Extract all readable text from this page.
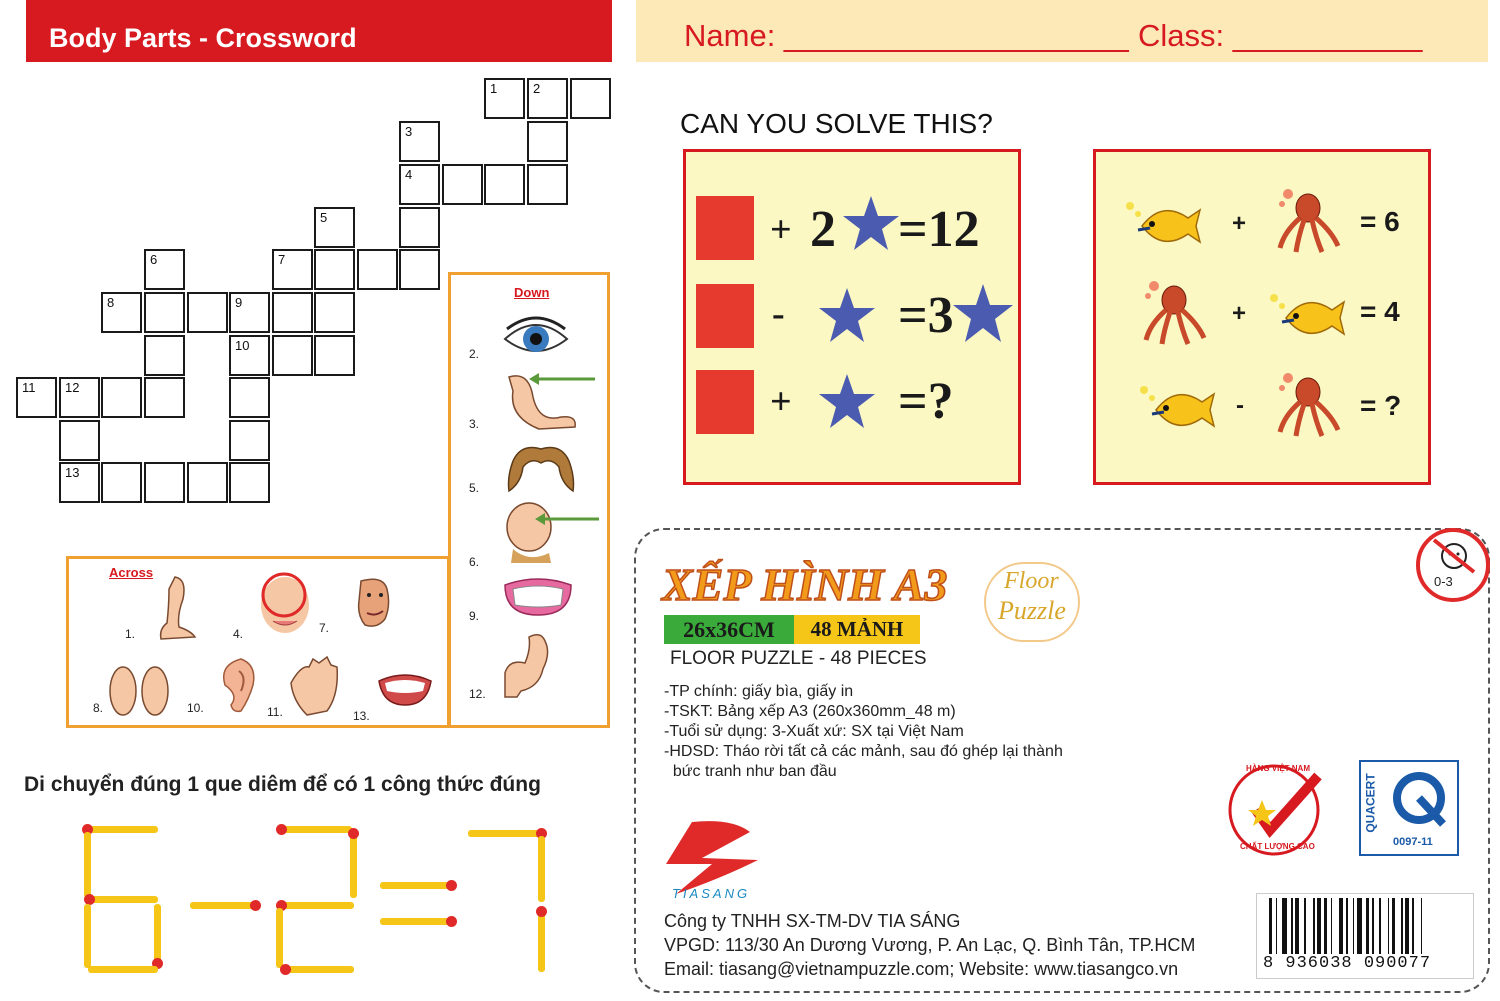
Body Parts - Crossword	Name: ____________________ Class: ___________
1	2
3
4
5
6	7
8	9
10
11 12
13
Down
2.
3.
5.
6.
9.
12.
Across
1.	4.	7.
8.	10.	11.	13.
Di chuyển đúng 1 que diêm để có 1 công thức đúng
CAN YOU SOLVE THIS?
+ 2 =12
- =3
+ =?
+	= 6
+	= 4
-	= ?
0-3
XẾP HÌNH A3 Floor
Puzzle
26x36CM	48 MẢNH
FLOOR PUZZLE - 48 PIECES
-TP chính: giấy bìa, giấy in
-TSKT: Bảng xếp A3 (260x360mm_48 m)
-Tuổi sử dụng: 3-Xuất xứ: SX tại Việt Nam
-HDSD: Tháo rời tất cả các mảnh, sau đó ghép lại thành
bức tranh như ban đầu
TIASANG
Công ty TNHH SX-TM-DV TIA SÁNG
VPGD: 113/30 An Dương Vương, P. An Lạc, Q. Bình Tân, TP.HCM
Email: tiasang@vietnampuzzle.com; Website: www.tiasangco.vn
HÀNG VIỆT NAM
CHẤT LƯỢNG CAO
QUACERT
0097-11
8 936038 090077
